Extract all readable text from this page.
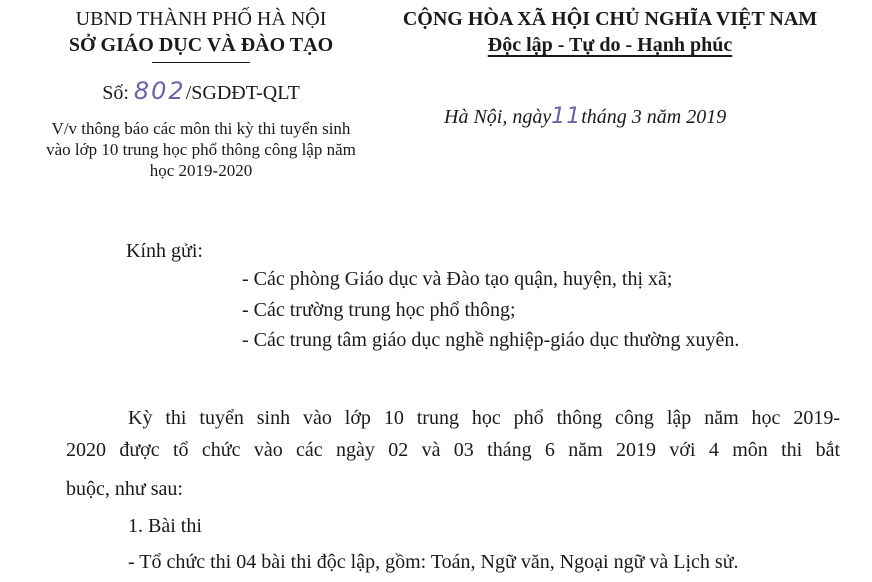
UBND THÀNH PHỐ HÀ NỘI
SỞ GIÁO DỤC VÀ ĐÀO TẠO
CỘNG HÒA XÃ HỘI CHỦ NGHĨA VIỆT NAM
Độc lập - Tự do - Hạnh phúc
Số: 802/SGDĐT-QLT
V/v thông báo các môn thi kỳ thi tuyển sinh vào lớp 10 trung học phổ thông công lập năm học 2019-2020
Hà Nội, ngày11tháng 3 năm 2019
Kính gửi:
- Các phòng Giáo dục và Đào tạo quận, huyện, thị xã;
- Các trường trung học phổ thông;
- Các trung tâm giáo dục nghề nghiệp-giáo dục thường xuyên.
Kỳ thi tuyển sinh vào lớp 10 trung học phổ thông công lập năm học 2019-
2020 được tổ chức vào các ngày 02 và 03 tháng 6 năm 2019 với 4 môn thi bắt
buộc, như sau:
1. Bài thi
- Tổ chức thi 04 bài thi độc lập, gồm: Toán, Ngữ văn, Ngoại ngữ và Lịch sử.
